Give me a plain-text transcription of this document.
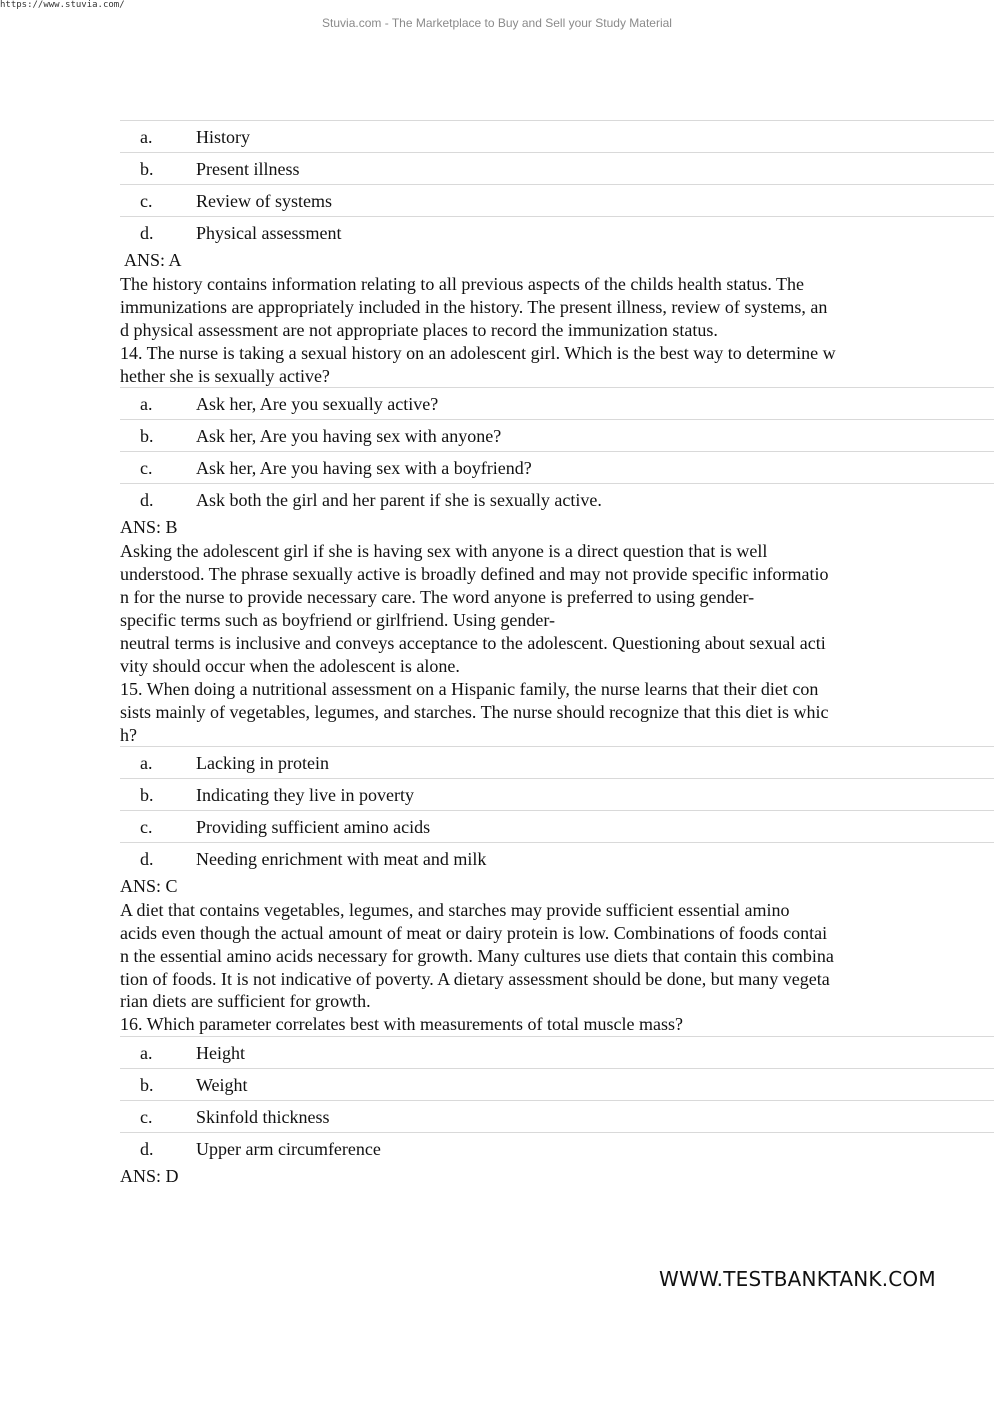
https://www.stuvia.com/
Stuvia.com - The Marketplace to Buy and Sell your Study Material
a. History
b. Present illness
c. Review of systems
d. Physical assessment
ANS: A
The history contains information relating to all previous aspects of the childs health status. The
immunizations are appropriately included in the history. The present illness, review of systems, an
d physical assessment are not appropriate places to record the immunization status.
14. The nurse is taking a sexual history on an adolescent girl. Which is the best way to determine w
hether she is sexually active?
a. Ask her, Are you sexually active?
b. Ask her, Are you having sex with anyone?
c. Ask her, Are you having sex with a boyfriend?
d. Ask both the girl and her parent if she is sexually active.
ANS: B
Asking the adolescent girl if she is having sex with anyone is a direct question that is well
understood. The phrase sexually active is broadly defined and may not provide specific informatio
n for the nurse to provide necessary care. The word anyone is preferred to using gender-
specific terms such as boyfriend or girlfriend. Using gender-
neutral terms is inclusive and conveys acceptance to the adolescent. Questioning about sexual acti
vity should occur when the adolescent is alone.
15. When doing a nutritional assessment on a Hispanic family, the nurse learns that their diet con
sists mainly of vegetables, legumes, and starches. The nurse should recognize that this diet is whic
h?
a. Lacking in protein
b. Indicating they live in poverty
c. Providing sufficient amino acids
d. Needing enrichment with meat and milk
ANS: C
A diet that contains vegetables, legumes, and starches may provide sufficient essential amino
acids even though the actual amount of meat or dairy protein is low. Combinations of foods contai
n the essential amino acids necessary for growth. Many cultures use diets that contain this combina
tion of foods. It is not indicative of poverty. A dietary assessment should be done, but many vegeta
rian diets are sufficient for growth.
16. Which parameter correlates best with measurements of total muscle mass?
a. Height
b. Weight
c. Skinfold thickness
d. Upper arm circumference
ANS: D
WWW.TESTBANKTANK.COM
